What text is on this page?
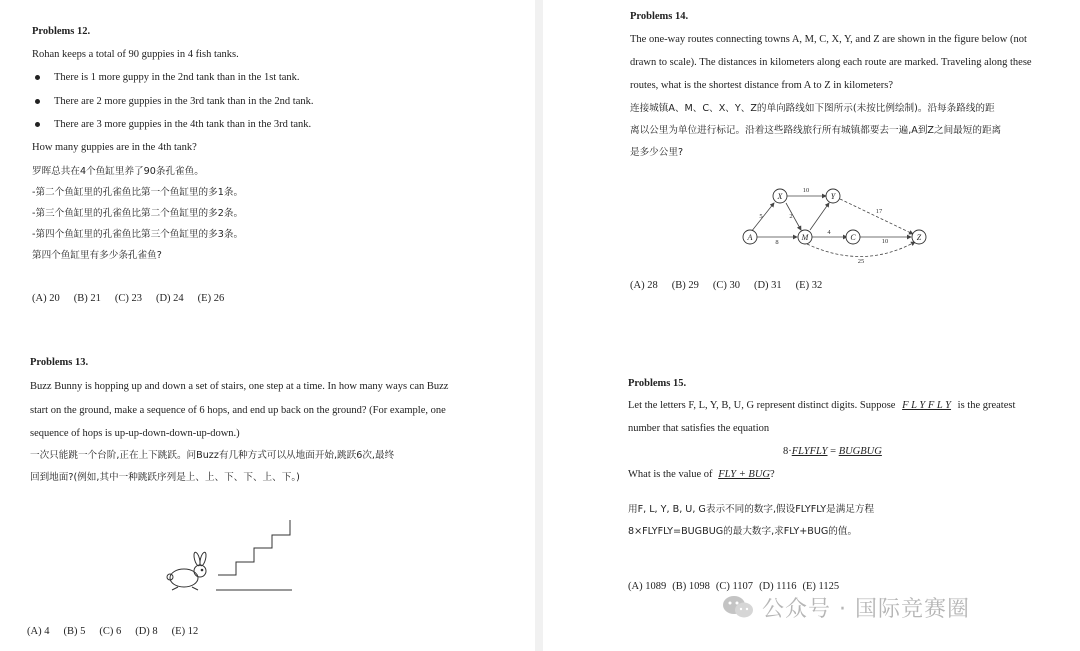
Problems 12.
Rohan keeps a total of 90 guppies in 4 fish tanks.
There is 1 more guppy in the 2nd tank than in the 1st tank.
There are 2 more guppies in the 3rd tank than in the 2nd tank.
There are 3 more guppies in the 4th tank than in the 3rd tank.
How many guppies are in the 4th tank?
罗晖总共在4个鱼缸里养了90条孔雀鱼。
-第二个鱼缸里的孔雀鱼比第一个鱼缸里的多1条。
-第三个鱼缸里的孔雀鱼比第二个鱼缸里的多2条。
-第四个鱼缸里的孔雀鱼比第三个鱼缸里的多3条。
第四个鱼缸里有多少条孔雀鱼?
(A) 20 (B) 21 (C) 23 (D) 24 (E) 26
Problems 13.
Buzz Bunny is hopping up and down a set of stairs, one step at a time. In how many ways can Buzz
start on the ground, make a sequence of 6 hops, and end up back on the ground? (For example, one
sequence of hops is up-up-down-down-up-down.)
一次只能跳一个台阶,正在上下跳跃。问Buzz有几种方式可以从地面开始,跳跃6次,最终
回到地面?(例如,其中一种跳跃序列是上、上、下、下、上、下。)
(A) 4 (B) 5 (C) 6 (D) 8 (E) 12
Problems 14.
The one-way routes connecting towns A, M, C, X, Y, and Z are shown in the figure below (not
drawn to scale). The distances in kilometers along each route are marked. Traveling along these
routes, what is the shortest distance from A to Z in kilometers?
连接城镇A、M、C、X、Y、Z的单向路线如下图所示(未按比例绘制)。沿每条路线的距
离以公里为单位进行标记。沿着这些路线旅行所有城镇都要去一遍,A到Z之间最短的距离
是多少公里?
X	Y
A	M	C	Z
10
5	2
17
8
4
10
25
(A) 28 (B) 29 (C) 30 (D) 31 (E) 32
Problems 15.
Let the letters F, L, Y, B, U, G represent distinct digits. Suppose F L Y F L Y is the greatest
number that satisfies the equation
8·FLYFLY = BUGBUG
What is the value of FLY + BUG?
用F, L, Y, B, U, G表示不同的数字,假设FLYFLY是满足方程
8×FLYFLY=BUGBUG的最大数字,求FLY+BUG的值。
(A) 1089 (B) 1098 (C) 1107 (D) 1116 (E) 1125
公众号 · 国际竞赛圈
